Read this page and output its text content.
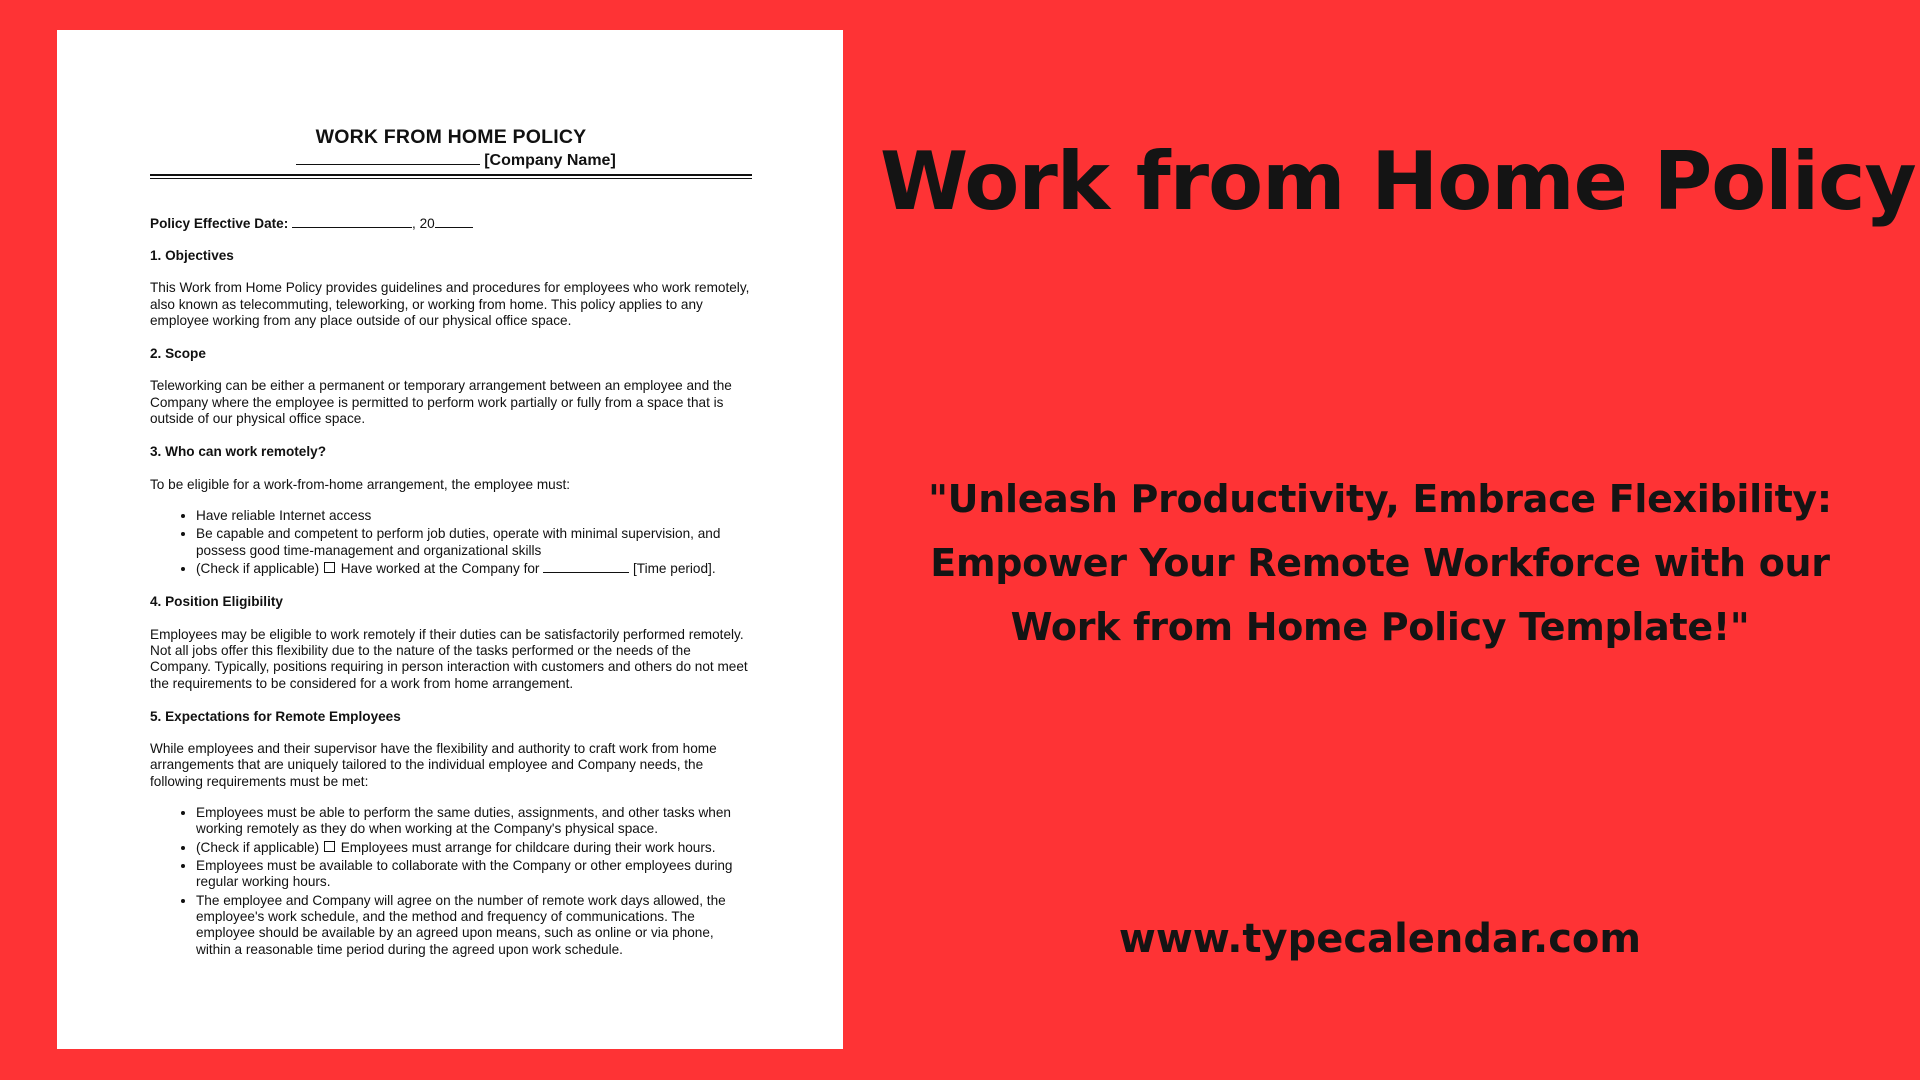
WORK FROM HOME POLICY
[Company Name]
Policy Effective Date:	, 20
1. Objectives
This Work from Home Policy provides guidelines and procedures for employees who work remotely, also known as telecommuting, teleworking, or working from home. This policy applies to any employee working from any place outside of our physical office space.
2. Scope
Teleworking can be either a permanent or temporary arrangement between an employee and the Company where the employee is permitted to perform work partially or fully from a space that is outside of our physical office space.
3. Who can work remotely?
To be eligible for a work-from-home arrangement, the employee must:
• Have reliable Internet access
• Be capable and competent to perform job duties, operate with minimal supervision, and possess good time-management and organizational skills
• (Check if applicable) Have worked at the Company for	[Time period].
4. Position Eligibility
Employees may be eligible to work remotely if their duties can be satisfactorily performed remotely. Not all jobs offer this flexibility due to the nature of the tasks performed or the needs of the Company. Typically, positions requiring in person interaction with customers and others do not meet the requirements to be considered for a work from home arrangement.
5. Expectations for Remote Employees
While employees and their supervisor have the flexibility and authority to craft work from home arrangements that are uniquely tailored to the individual employee and Company needs, the following requirements must be met:
• Employees must be able to perform the same duties, assignments, and other tasks when working remotely as they do when working at the Company's physical space.
• (Check if applicable) Employees must arrange for childcare during their work hours.
• Employees must be available to collaborate with the Company or other employees during regular working hours.
• The employee and Company will agree on the number of remote work days allowed, the employee's work schedule, and the method and frequency of communications. The employee should be available by an agreed upon means, such as online or via phone, within a reasonable time period during the agreed upon work schedule.
Work from Home Policy
"Unleash Productivity, Embrace Flexibility:
Empower Your Remote Workforce with our
Work from Home Policy Template!"
www.typecalendar.com
